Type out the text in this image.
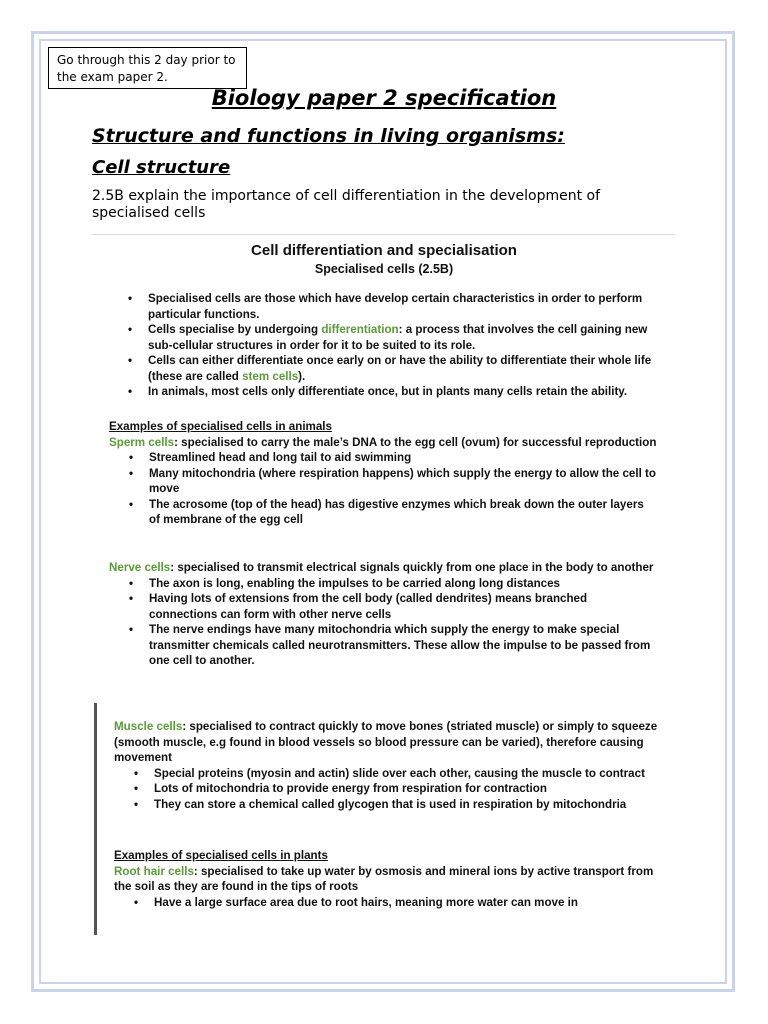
Go through this 2 day prior to the exam paper 2.
Biology paper 2 specification
Structure and functions in living organisms:
Cell structure
2.5B explain the importance of cell differentiation in the development of specialised cells
Cell differentiation and specialisation
Specialised cells (2.5B)
• Specialised cells are those which have develop certain characteristics in order to perform particular functions.
• Cells specialise by undergoing differentiation: a process that involves the cell gaining new sub-cellular structures in order for it to be suited to its role.
• Cells can either differentiate once early on or have the ability to differentiate their whole life (these are called stem cells).
• In animals, most cells only differentiate once, but in plants many cells retain the ability.

Examples of specialised cells in animals

Sperm cells: specialised to carry the male’s DNA to the egg cell (ovum) for successful reproduction

• Streamlined head and long tail to aid swimming
• Many mitochondria (where respiration happens) which supply the energy to allow the cell to move
• The acrosome (top of the head) has digestive enzymes which break down the outer layers of membrane of the egg cell

Nerve cells: specialised to transmit electrical signals quickly from one place in the body to another

• The axon is long, enabling the impulses to be carried along long distances
• Having lots of extensions from the cell body (called dendrites) means branched connections can form with other nerve cells
• The nerve endings have many mitochondria which supply the energy to make special transmitter chemicals called neurotransmitters. These allow the impulse to be passed from one cell to another.

Muscle cells: specialised to contract quickly to move bones (striated muscle) or simply to squeeze (smooth muscle, e.g found in blood vessels so blood pressure can be varied), therefore causing movement

• Special proteins (myosin and actin) slide over each other, causing the muscle to contract
• Lots of mitochondria to provide energy from respiration for contraction
• They can store a chemical called glycogen that is used in respiration by mitochondria

Examples of specialised cells in plants

Root hair cells: specialised to take up water by osmosis and mineral ions by active transport from the soil as they are found in the tips of roots

• Have a large surface area due to root hairs, meaning more water can move in
